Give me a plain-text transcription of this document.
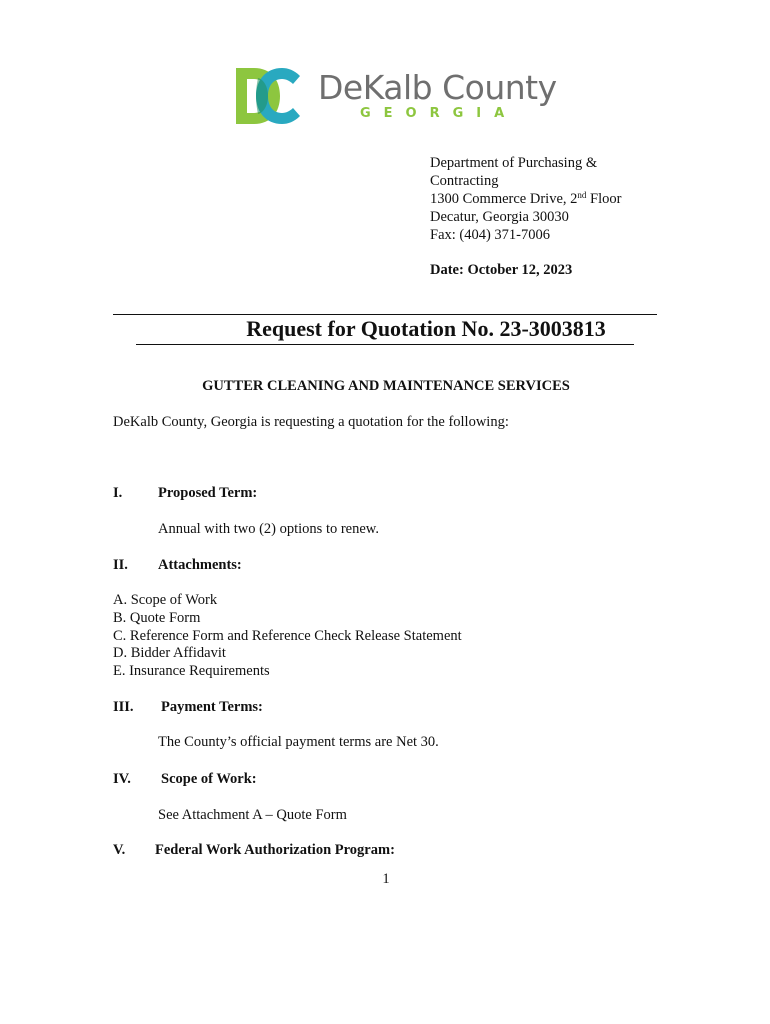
DeKalb County
GEORGIA
Department of Purchasing &
Contracting
1300 Commerce Drive, 2nd Floor
Decatur, Georgia 30030
Fax: (404) 371-7006
Date: October 12, 2023
Request for Quotation No. 23-3003813
GUTTER CLEANING AND MAINTENANCE SERVICES
DeKalb County, Georgia is requesting a quotation for the following:
I. Proposed Term:
Annual with two (2) options to renew.
II. Attachments:
A. Scope of Work
B. Quote Form
C. Reference Form and Reference Check Release Statement
D. Bidder Affidavit
E. Insurance Requirements
III. Payment Terms:
The County’s official payment terms are Net 30.
IV. Scope of Work:
See Attachment A – Quote Form
V. Federal Work Authorization Program:
1
